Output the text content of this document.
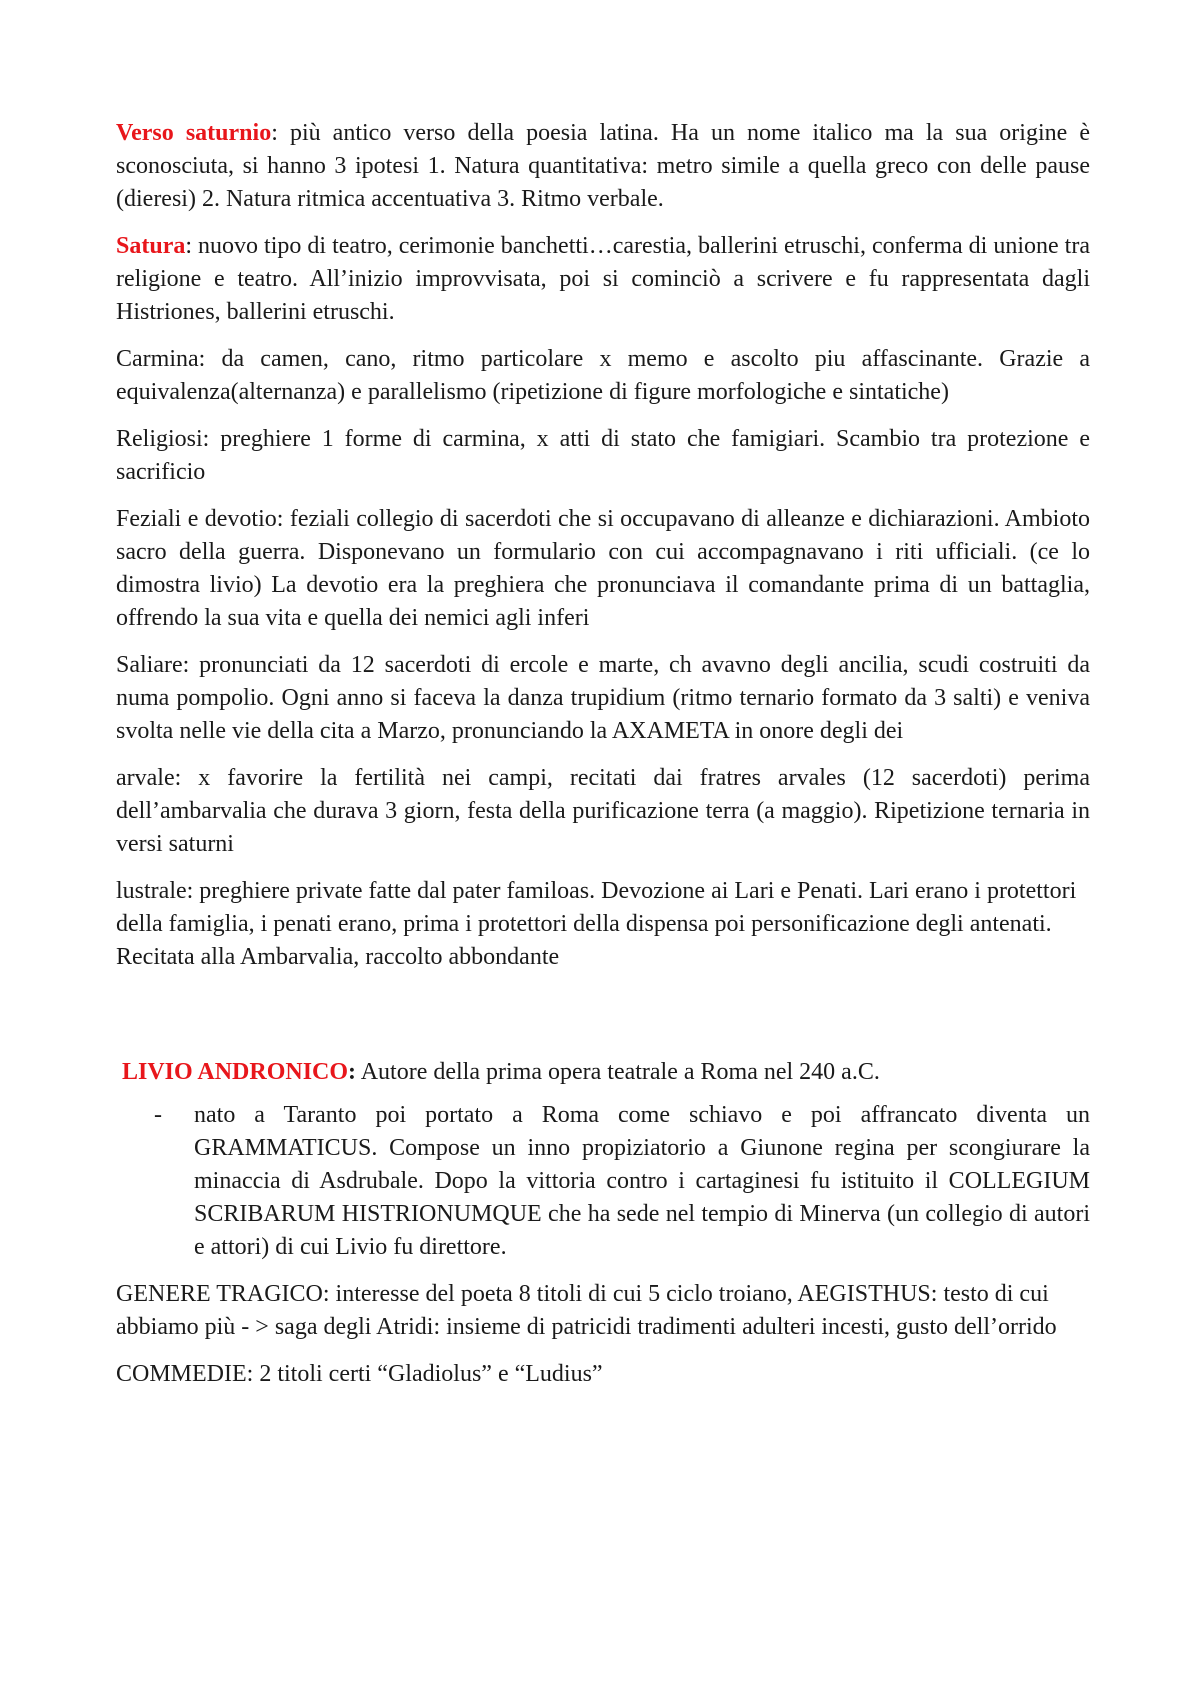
Verso saturnio: più antico verso della poesia latina. Ha un nome italico ma la sua origine è sconosciuta, si hanno 3 ipotesi 1. Natura quantitativa: metro simile a quella greco con delle pause (dieresi) 2. Natura ritmica accentuativa 3. Ritmo verbale.

Satura: nuovo tipo di teatro, cerimonie banchetti…carestia, ballerini etruschi, conferma di unione tra religione e teatro. All’inizio improvvisata, poi si cominciò a scrivere e fu rappresentata dagli Histriones, ballerini etruschi.

Carmina: da camen, cano, ritmo particolare x memo e ascolto piu affascinante. Grazie a equivalenza(alternanza) e parallelismo (ripetizione di figure morfologiche e sintatiche)

Religiosi: preghiere 1 forme di carmina, x atti di stato che famigiari. Scambio tra protezione e sacrificio

Feziali e devotio: feziali collegio di sacerdoti che si occupavano di alleanze e dichiarazioni. Ambioto sacro della guerra. Disponevano un formulario con cui accompagnavano i riti ufficiali. (ce lo dimostra livio) La devotio era la preghiera che pronunciava il comandante prima di un battaglia, offrendo la sua vita e quella dei nemici agli inferi

Saliare: pronunciati da 12 sacerdoti di ercole e marte, ch avavno degli ancilia, scudi costruiti da numa pompolio. Ogni anno si faceva la danza trupidium (ritmo ternario formato da 3 salti) e veniva svolta nelle vie della cita a Marzo, pronunciando la AXAMETA in onore degli dei

arvale: x favorire la fertilità nei campi, recitati dai fratres arvales (12 sacerdoti) perima dell’ambarvalia che durava 3 giorn, festa della purificazione terra (a maggio). Ripetizione ternaria in versi saturni

lustrale: preghiere private fatte dal pater familoas. Devozione ai Lari e Penati. Lari erano i protettori della famiglia, i penati erano, prima i protettori della dispensa poi personificazione degli antenati. Recitata alla Ambarvalia, raccolto abbondante

LIVIO ANDRONICO: Autore della prima opera teatrale a Roma nel 240 a.C.

-	nato a Taranto poi portato a Roma come schiavo e poi affrancato diventa un GRAMMATICUS. Compose un inno propiziatorio a Giunone regina per scongiurare la minaccia di Asdrubale. Dopo la vittoria contro i cartaginesi fu istituito il COLLEGIUM SCRIBARUM HISTRIONUMQUE che ha sede nel tempio di Minerva (un collegio di autori e attori) di cui Livio fu direttore.

GENERE TRAGICO: interesse del poeta 8 titoli di cui 5 ciclo troiano, AEGISTHUS: testo di cui abbiamo più - > saga degli Atridi: insieme di patricidi tradimenti adulteri incesti, gusto dell’orrido

COMMEDIE: 2 titoli certi “Gladiolus” e “Ludius”
